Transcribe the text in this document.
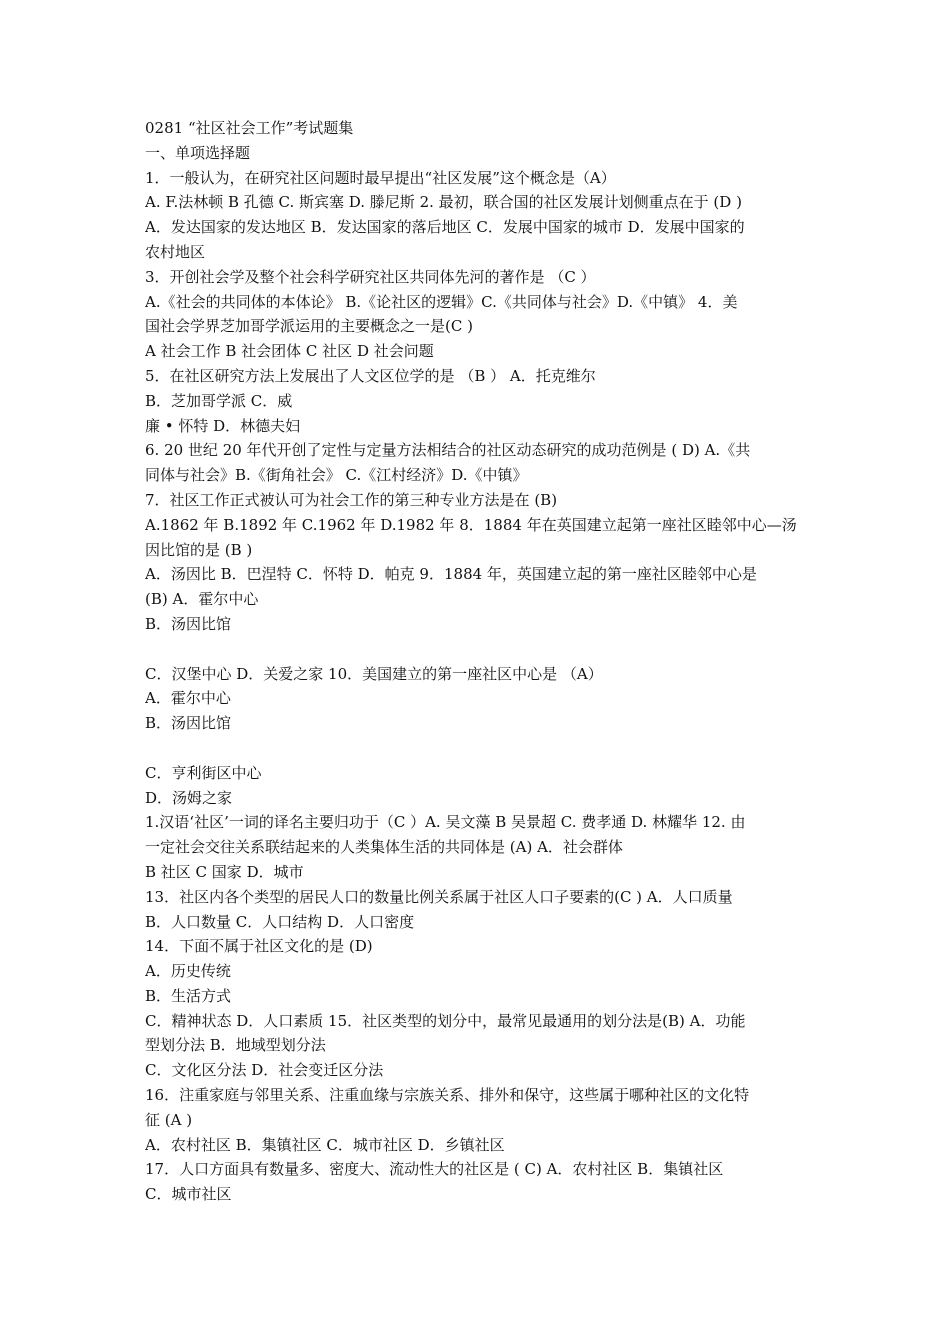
0281 “社区社会工作”考试题集
一、单项选择题
1．一般认为，在研究社区问题时最早提出“社区发展”这个概念是（A）
A. F.法林顿 B 孔德 C. 斯宾塞 D. 滕尼斯 2. 最初，联合国的社区发展计划侧重点在于 (D )
A．发达国家的发达地区 B．发达国家的落后地区 C．发展中国家的城市 D．发展中国家的
农村地区
3．开创社会学及整个社会科学研究社区共同体先河的著作是 （C ）
A.《社会的共同体的本体论》 B.《论社区的逻辑》C.《共同体与社会》D.《中镇》 4．美
国社会学界芝加哥学派运用的主要概念之一是(C )
A 社会工作 B 社会团体 C 社区 D 社会问题
5．在社区研究方法上发展出了人文区位学的是 （B ） A．托克维尔
B．芝加哥学派 C．威
廉 • 怀特 D．林德夫妇
6. 20 世纪 20 年代开创了定性与定量方法相结合的社区动态研究的成功范例是 ( D) A.《共
同体与社会》B.《街角社会》 C.《江村经济》D.《中镇》
7．社区工作正式被认可为社会工作的第三种专业方法是在 (B)
A.1862 年 B.1892 年 C.1962 年 D.1982 年 8．1884 年在英国建立起第一座社区睦邻中心—汤
因比馆的是 (B )
A．汤因比 B．巴涅特 C．怀特 D．帕克 9．1884 年，英国建立起的第一座社区睦邻中心是
(B) A．霍尔中心
B．汤因比馆
C．汉堡中心 D．关爱之家 10．美国建立的第一座社区中心是 （A）
A．霍尔中心
B．汤因比馆
C．亨利街区中心
D．汤姆之家
1.汉语‘社区’一词的译名主要归功于（C ）A. 吴文藻 B 吴景超 C. 费孝通 D. 林耀华 12. 由
一定社会交往关系联结起来的人类集体生活的共同体是 (A) A．社会群体
B 社区 C 国家 D．城市
13．社区内各个类型的居民人口的数量比例关系属于社区人口子要素的(C ) A．人口质量
B．人口数量 C．人口结构 D．人口密度
14．下面不属于社区文化的是 (D)
A．历史传统
B．生活方式
C．精神状态 D．人口素质 15．社区类型的划分中，最常见最通用的划分法是(B) A．功能
型划分法 B．地域型划分法
C．文化区分法 D．社会变迁区分法
16．注重家庭与邻里关系、注重血缘与宗族关系、排外和保守，这些属于哪种社区的文化特
征 (A )
A．农村社区 B．集镇社区 C．城市社区 D．乡镇社区
17．人口方面具有数量多、密度大、流动性大的社区是 ( C) A．农村社区 B．集镇社区
C．城市社区
